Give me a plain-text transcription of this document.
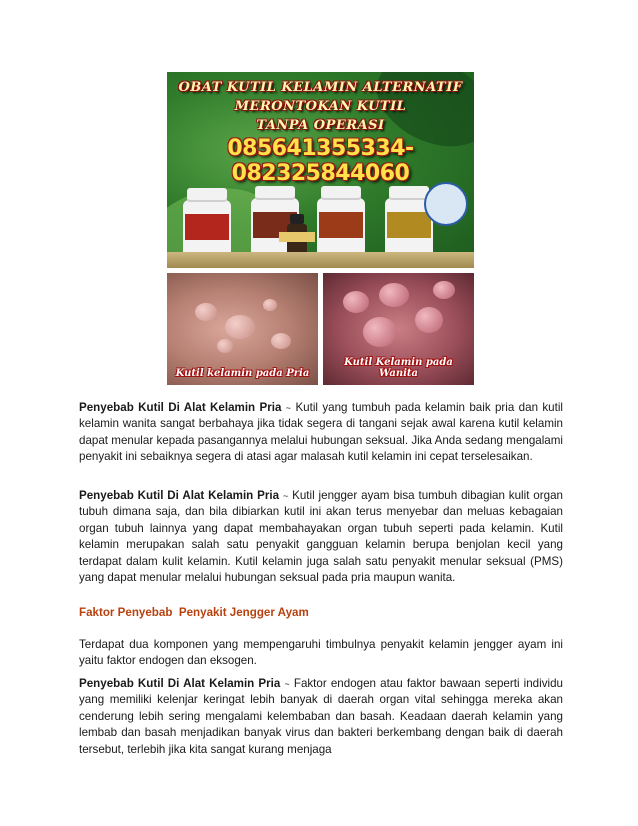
OBAT KUTIL KELAMIN ALTERNATIF
MERONTOKAN KUTIL
TANPA OPERASI
085641355334-082325844060
Kutil kelamin pada Pria
Kutil Kelamin pada Wanita
Penyebab Kutil Di Alat Kelamin Pria ~ Kutil yang tumbuh pada kelamin baik pria dan kutil kelamin wanita sangat berbahaya jika tidak segera di tangani sejak awal karena kutil kelamin dapat menular kepada pasangannya melalui hubungan seksual. Jika Anda sedang mengalami penyakit ini sebaiknya segera di atasi agar malasah kutil kelamin ini cepat terselesaikan.
Penyebab Kutil Di Alat Kelamin Pria ~ Kutil jengger ayam bisa tumbuh dibagian kulit organ tubuh dimana saja, dan bila dibiarkan kutil ini akan terus menyebar dan meluas kebagaian organ tubuh lainnya yang dapat membahayakan organ tubuh seperti pada kelamin. Kutil kelamin merupakan salah satu penyakit gangguan kelamin berupa benjolan kecil yang terdapat dalam kulit kelamin. Kutil kelamin juga salah satu penyakit menular seksual (PMS) yang dapat menular melalui hubungan seksual pada pria maupun wanita.
Faktor Penyebab  Penyakit Jengger Ayam
Terdapat dua komponen yang mempengaruhi timbulnya penyakit kelamin jengger ayam ini yaitu faktor endogen dan eksogen.
Penyebab Kutil Di Alat Kelamin Pria ~ Faktor endogen atau faktor bawaan seperti individu yang memiliki kelenjar keringat lebih banyak di daerah organ vital sehingga mereka akan cenderung lebih sering mengalami kelembaban dan basah. Keadaan daerah kelamin yang lembab dan basah menjadikan banyak virus dan bakteri berkembang dengan baik di daerah tersebut, terlebih jika kita sangat kurang menjaga
